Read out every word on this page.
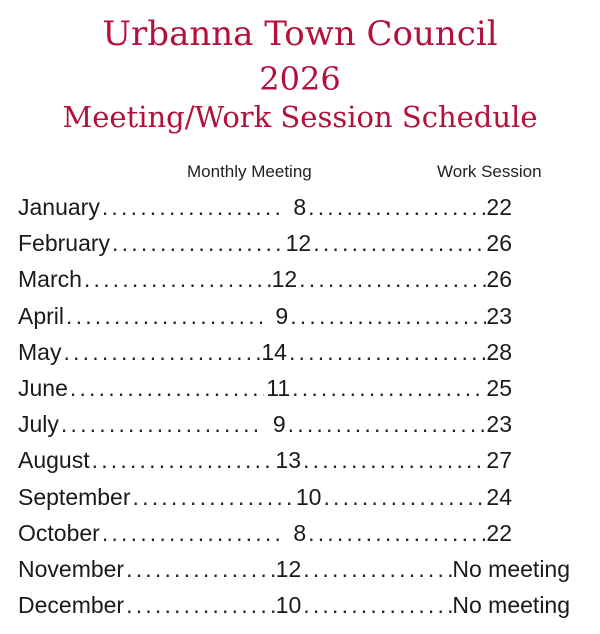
Urbanna Town Council
2026
Meeting/Work Session Schedule
Monthly Meeting	Work Session
January .....	8 .....	22
February .....	12 .....	26
March .....	12 .....	26
April .....	9 .....	23
May .....	14 .....	28
June .....	11 .....	25
July .....	9 .....	23
August .....	13 .....	27
September .....	10 .....	24
October .....	8 .....	22
November .....	12 .....	No meeting
December .....	10 .....	No meeting
